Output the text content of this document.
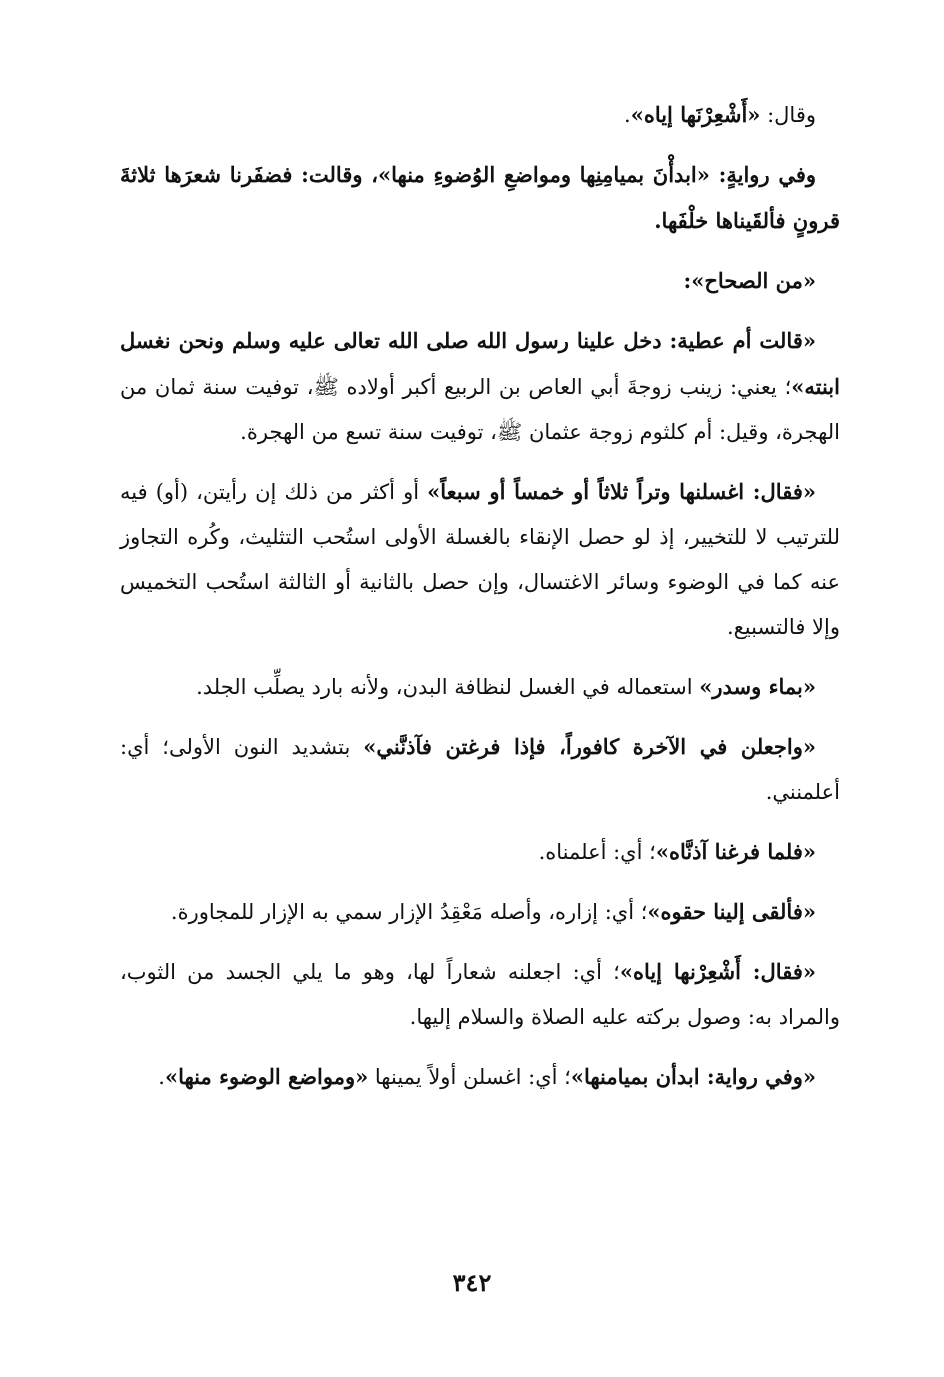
وقال: «أَشْعِرْنَها إياه».

وفي روايةٍ: «ابدأْنَ بميامِنِها ومواضعِ الوُضوءِ منها»، وقالت: فضفَرنا شعرَها ثلاثةَ قرونٍ فألقَيناها خلْفَها.

«من الصحاح»:

«قالت أم عطية: دخل علينا رسول الله صلى الله تعالى عليه وسلم ونحن نغسل ابنته»؛ يعني: زينب زوجةَ أبي العاص بن الربيع أكبر أولاده ﷺ، توفيت سنة ثمان من الهجرة، وقيل: أم كلثوم زوجة عثمان ﷺ، توفيت سنة تسع من الهجرة.

«فقال: اغسلنها وتراً ثلاثاً أو خمساً أو سبعاً» أو أكثر من ذلك إن رأيتن، (أو) فيه للترتيب لا للتخيير، إذ لو حصل الإنقاء بالغسلة الأولى استُحب التثليث، وكُره التجاوز عنه كما في الوضوء وسائر الاغتسال، وإن حصل بالثانية أو الثالثة استُحب التخميس وإلا فالتسبيع.

«بماء وسدر» استعماله في الغسل لنظافة البدن، ولأنه بارد يصلِّب الجلد.

«واجعلن في الآخرة كافوراً، فإذا فرغتن فآذنَّني» بتشديد النون الأولى؛ أي: أعلمنني.

«فلما فرغنا آذنَّاه»؛ أي: أعلمناه.

«فألقى إلينا حقوه»؛ أي: إزاره، وأصله مَعْقِدُ الإزار سمي به الإزار للمجاورة.

«فقال: أَشْعِرْنها إياه»؛ أي: اجعلنه شعاراً لها، وهو ما يلي الجسد من الثوب، والمراد به: وصول بركته عليه الصلاة والسلام إليها.

«وفي رواية: ابدأن بميامنها»؛ أي: اغسلن أولاً يمينها «ومواضع الوضوء منها».

٣٤٢
